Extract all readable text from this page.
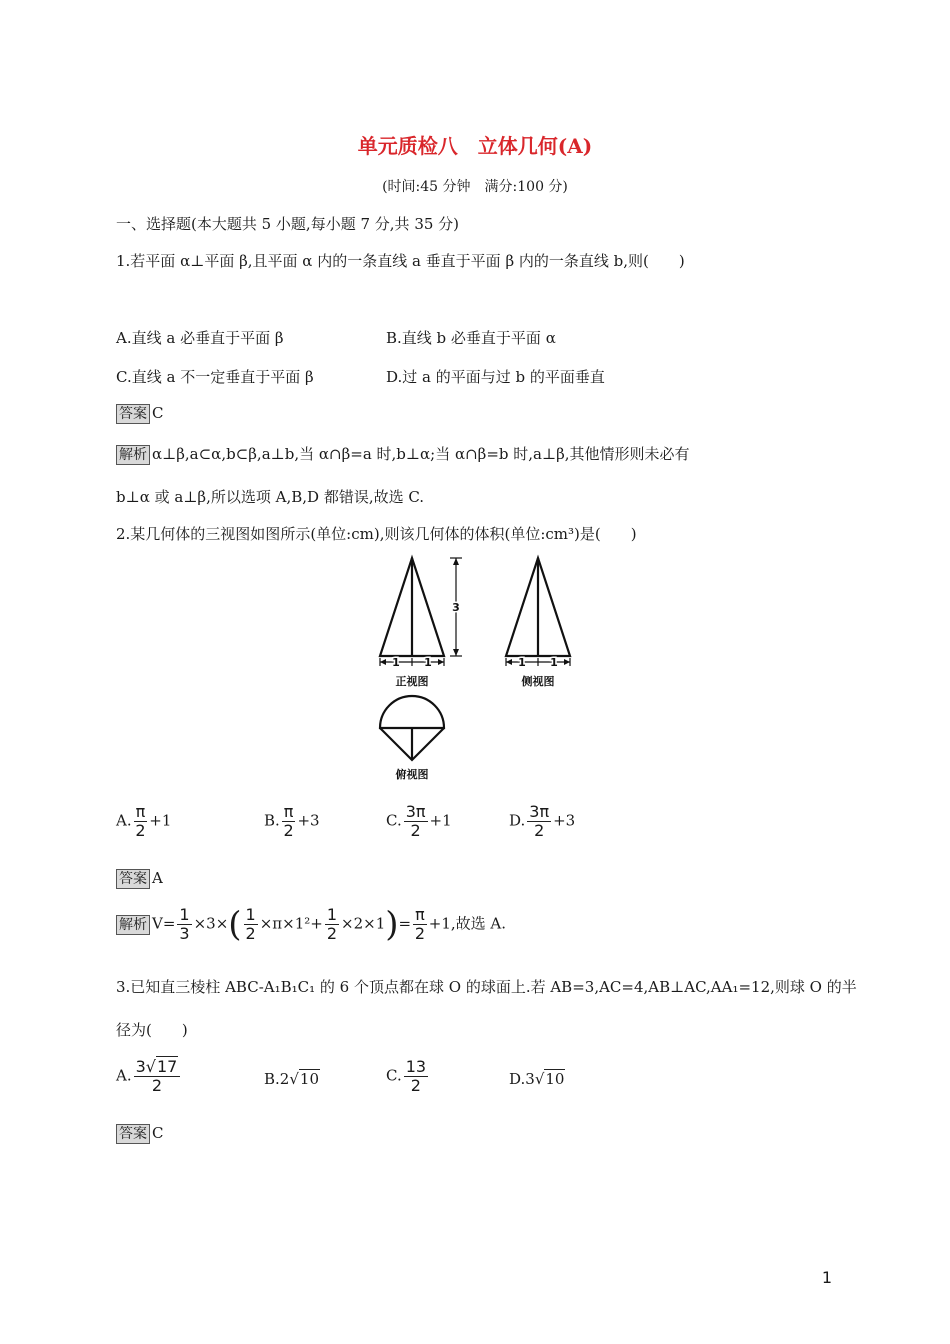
单元质检八　立体几何(A)
(时间:45 分钟　满分:100 分)
一、选择题(本大题共 5 小题,每小题 7 分,共 35 分)
1.若平面 α⊥平面 β,且平面 α 内的一条直线 a 垂直于平面 β 内的一条直线 b,则(　　)
A.直线 a 必垂直于平面 β	B.直线 b 必垂直于平面 α
C.直线 a 不一定垂直于平面 β	D.过 a 的平面与过 b 的平面垂直
答案 C
解析 α⊥β,a⊂α,b⊂β,a⊥b,当 α∩β=a 时,b⊥α;当 α∩β=b 时,a⊥β,其他情形则未必有
b⊥α 或 a⊥β,所以选项 A,B,D 都错误,故选 C.
2.某几何体的三视图如图所示(单位:cm),则该几何体的体积(单位:cm³)是(　　)
3
1 1	1 1
正视图	侧视图
俯视图
A. $\frac{\pi}{2} +1$	B. $\frac{\pi}{2} +3$	C. $\frac{3\pi}{2} +1$	D. $\frac{3\pi}{2} +3$
答案 A
解析 $V= \frac{1}{3} \times 3\times( \frac{1}{2} \times\pi\times 1^2+ \frac{1}{2} \times 2\times 1)= \frac{\pi}{2} +1$,故选 A.
3.已知直三棱柱 ABC-A₁B₁C₁ 的 6 个顶点都在球 O 的球面上.若 AB=3,AC=4,AB⊥AC,AA₁=12,则球 O 的半
径为(　　)
A. $\frac{3√17}{2}$	B.2√10	C. $\frac{13}{2}$	D.3√10
答案 C
1
